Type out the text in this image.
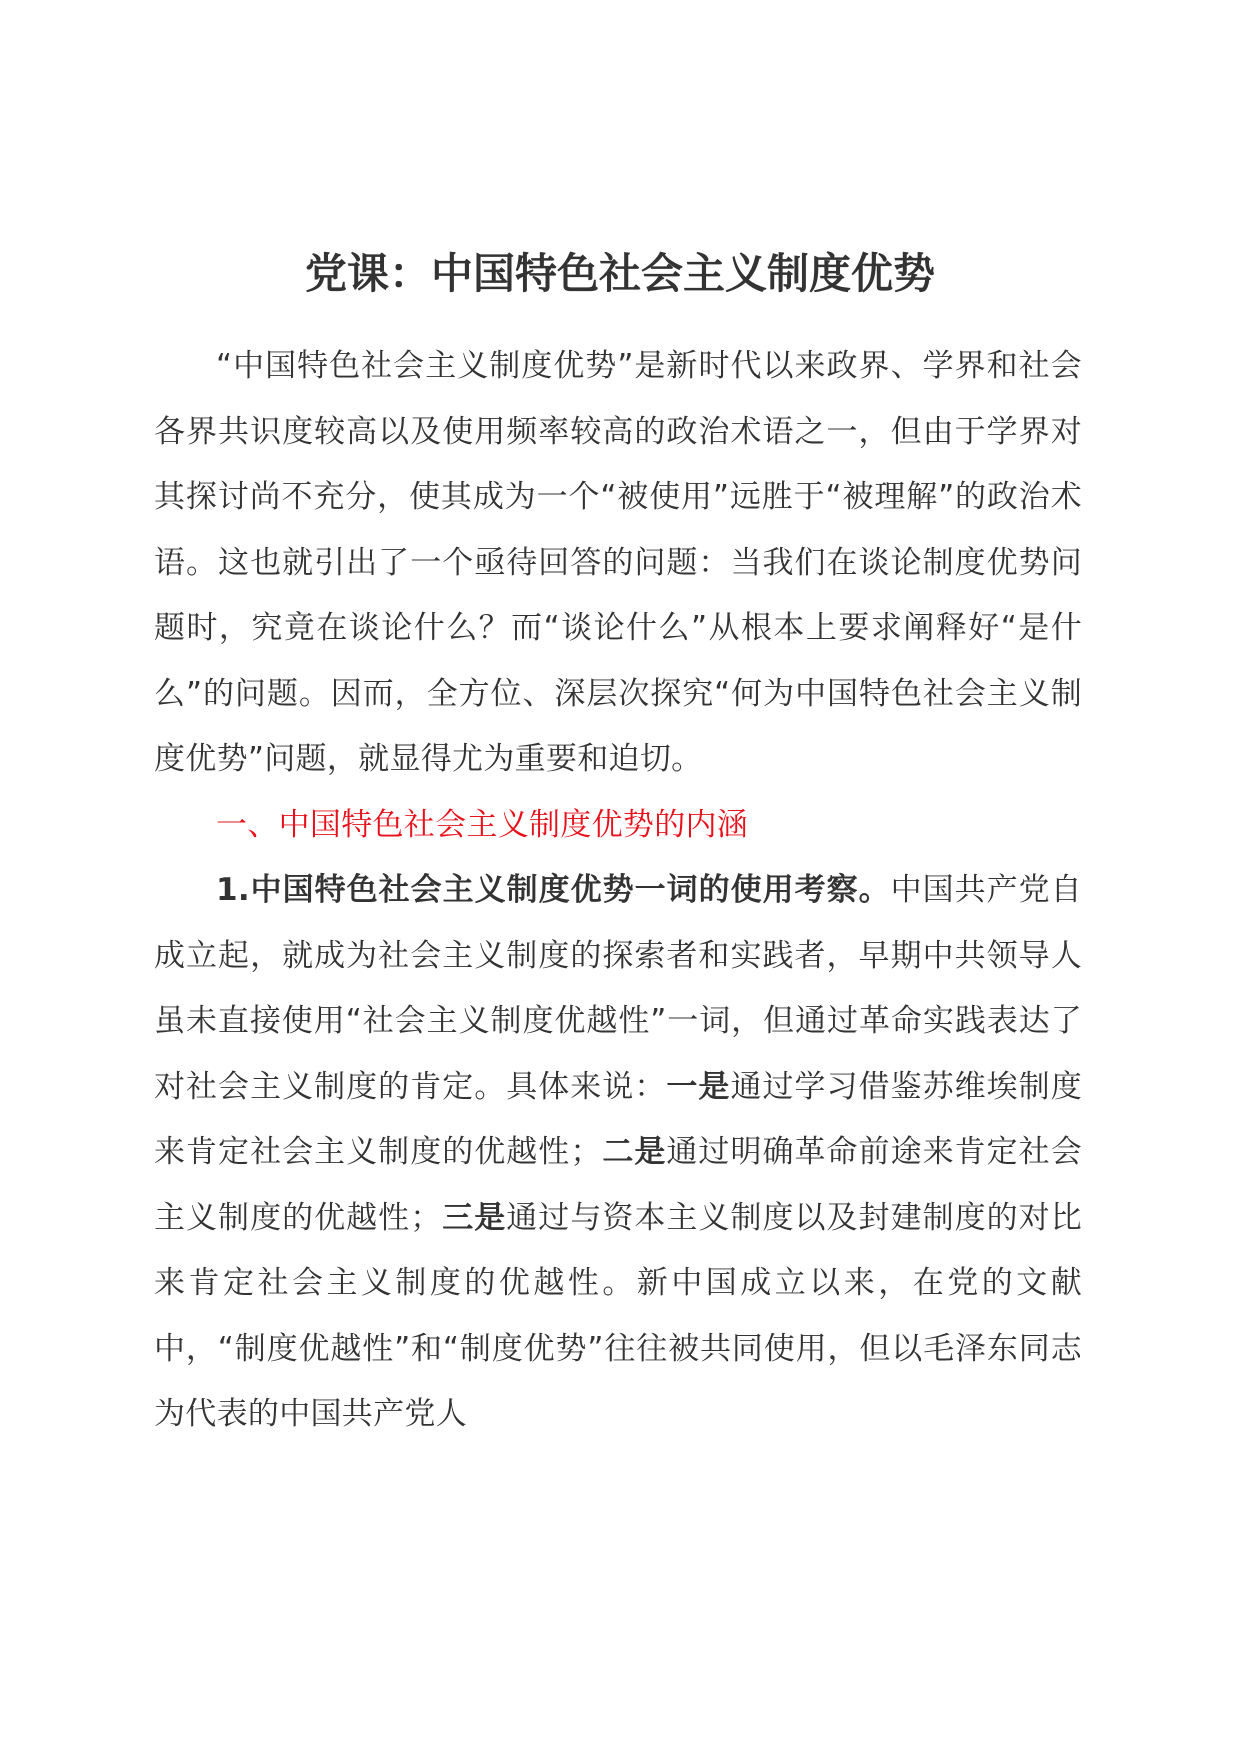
党课：中国特色社会主义制度优势

“中国特色社会主义制度优势”是新时代以来政界、学界和社会各界共识度较高以及使用频率较高的政治术语之一，但由于学界对其探讨尚不充分，使其成为一个“被使用”远胜于“被理解”的政治术语。这也就引出了一个亟待回答的问题：当我们在谈论制度优势问题时，究竟在谈论什么？而“谈论什么”从根本上要求阐释好“是什么”的问题。因而，全方位、深层次探究“何为中国特色社会主义制度优势”问题，就显得尤为重要和迫切。

一、中国特色社会主义制度优势的内涵

1.中国特色社会主义制度优势一词的使用考察。中国共产党自成立起，就成为社会主义制度的探索者和实践者，早期中共领导人虽未直接使用“社会主义制度优越性”一词，但通过革命实践表达了对社会主义制度的肯定。具体来说：一是通过学习借鉴苏维埃制度来肯定社会主义制度的优越性；二是通过明确革命前途来肯定社会主义制度的优越性；三是通过与资本主义制度以及封建制度的对比来肯定社会主义制度的优越性。新中国成立以来，在党的文献中，“制度优越性”和“制度优势”往往被共同使用，但以毛泽东同志为代表的中国共产党人
